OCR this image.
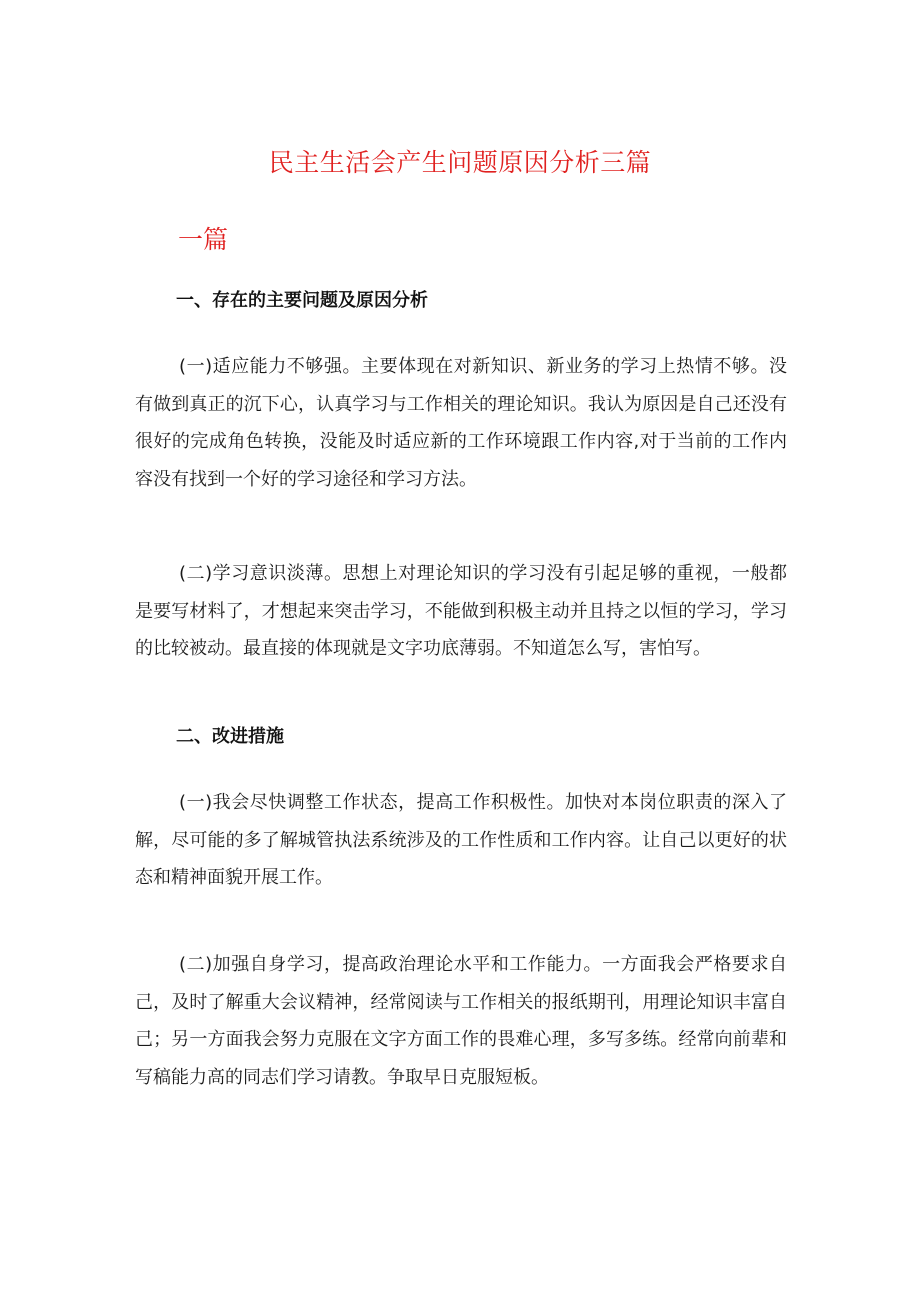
民主生活会产生问题原因分析三篇
一篇
一、存在的主要问题及原因分析

(一)适应能力不够强。主要体现在对新知识、新业务的学习上热情不够。没有做到真正的沉下心，认真学习与工作相关的理论知识。我认为原因是自己还没有很好的完成角色转换，没能及时适应新的工作环境跟工作内容,对于当前的工作内容没有找到一个好的学习途径和学习方法。

(二)学习意识淡薄。思想上对理论知识的学习没有引起足够的重视，一般都是要写材料了，才想起来突击学习，不能做到积极主动并且持之以恒的学习，学习的比较被动。最直接的体现就是文字功底薄弱。不知道怎么写，害怕写。

二、改进措施

(一)我会尽快调整工作状态，提高工作积极性。加快对本岗位职责的深入了解，尽可能的多了解城管执法系统涉及的工作性质和工作内容。让自己以更好的状态和精神面貌开展工作。

(二)加强自身学习，提高政治理论水平和工作能力。一方面我会严格要求自己，及时了解重大会议精神，经常阅读与工作相关的报纸期刊，用理论知识丰富自己；另一方面我会努力克服在文字方面工作的畏难心理，多写多练。经常向前辈和写稿能力高的同志们学习请教。争取早日克服短板。
